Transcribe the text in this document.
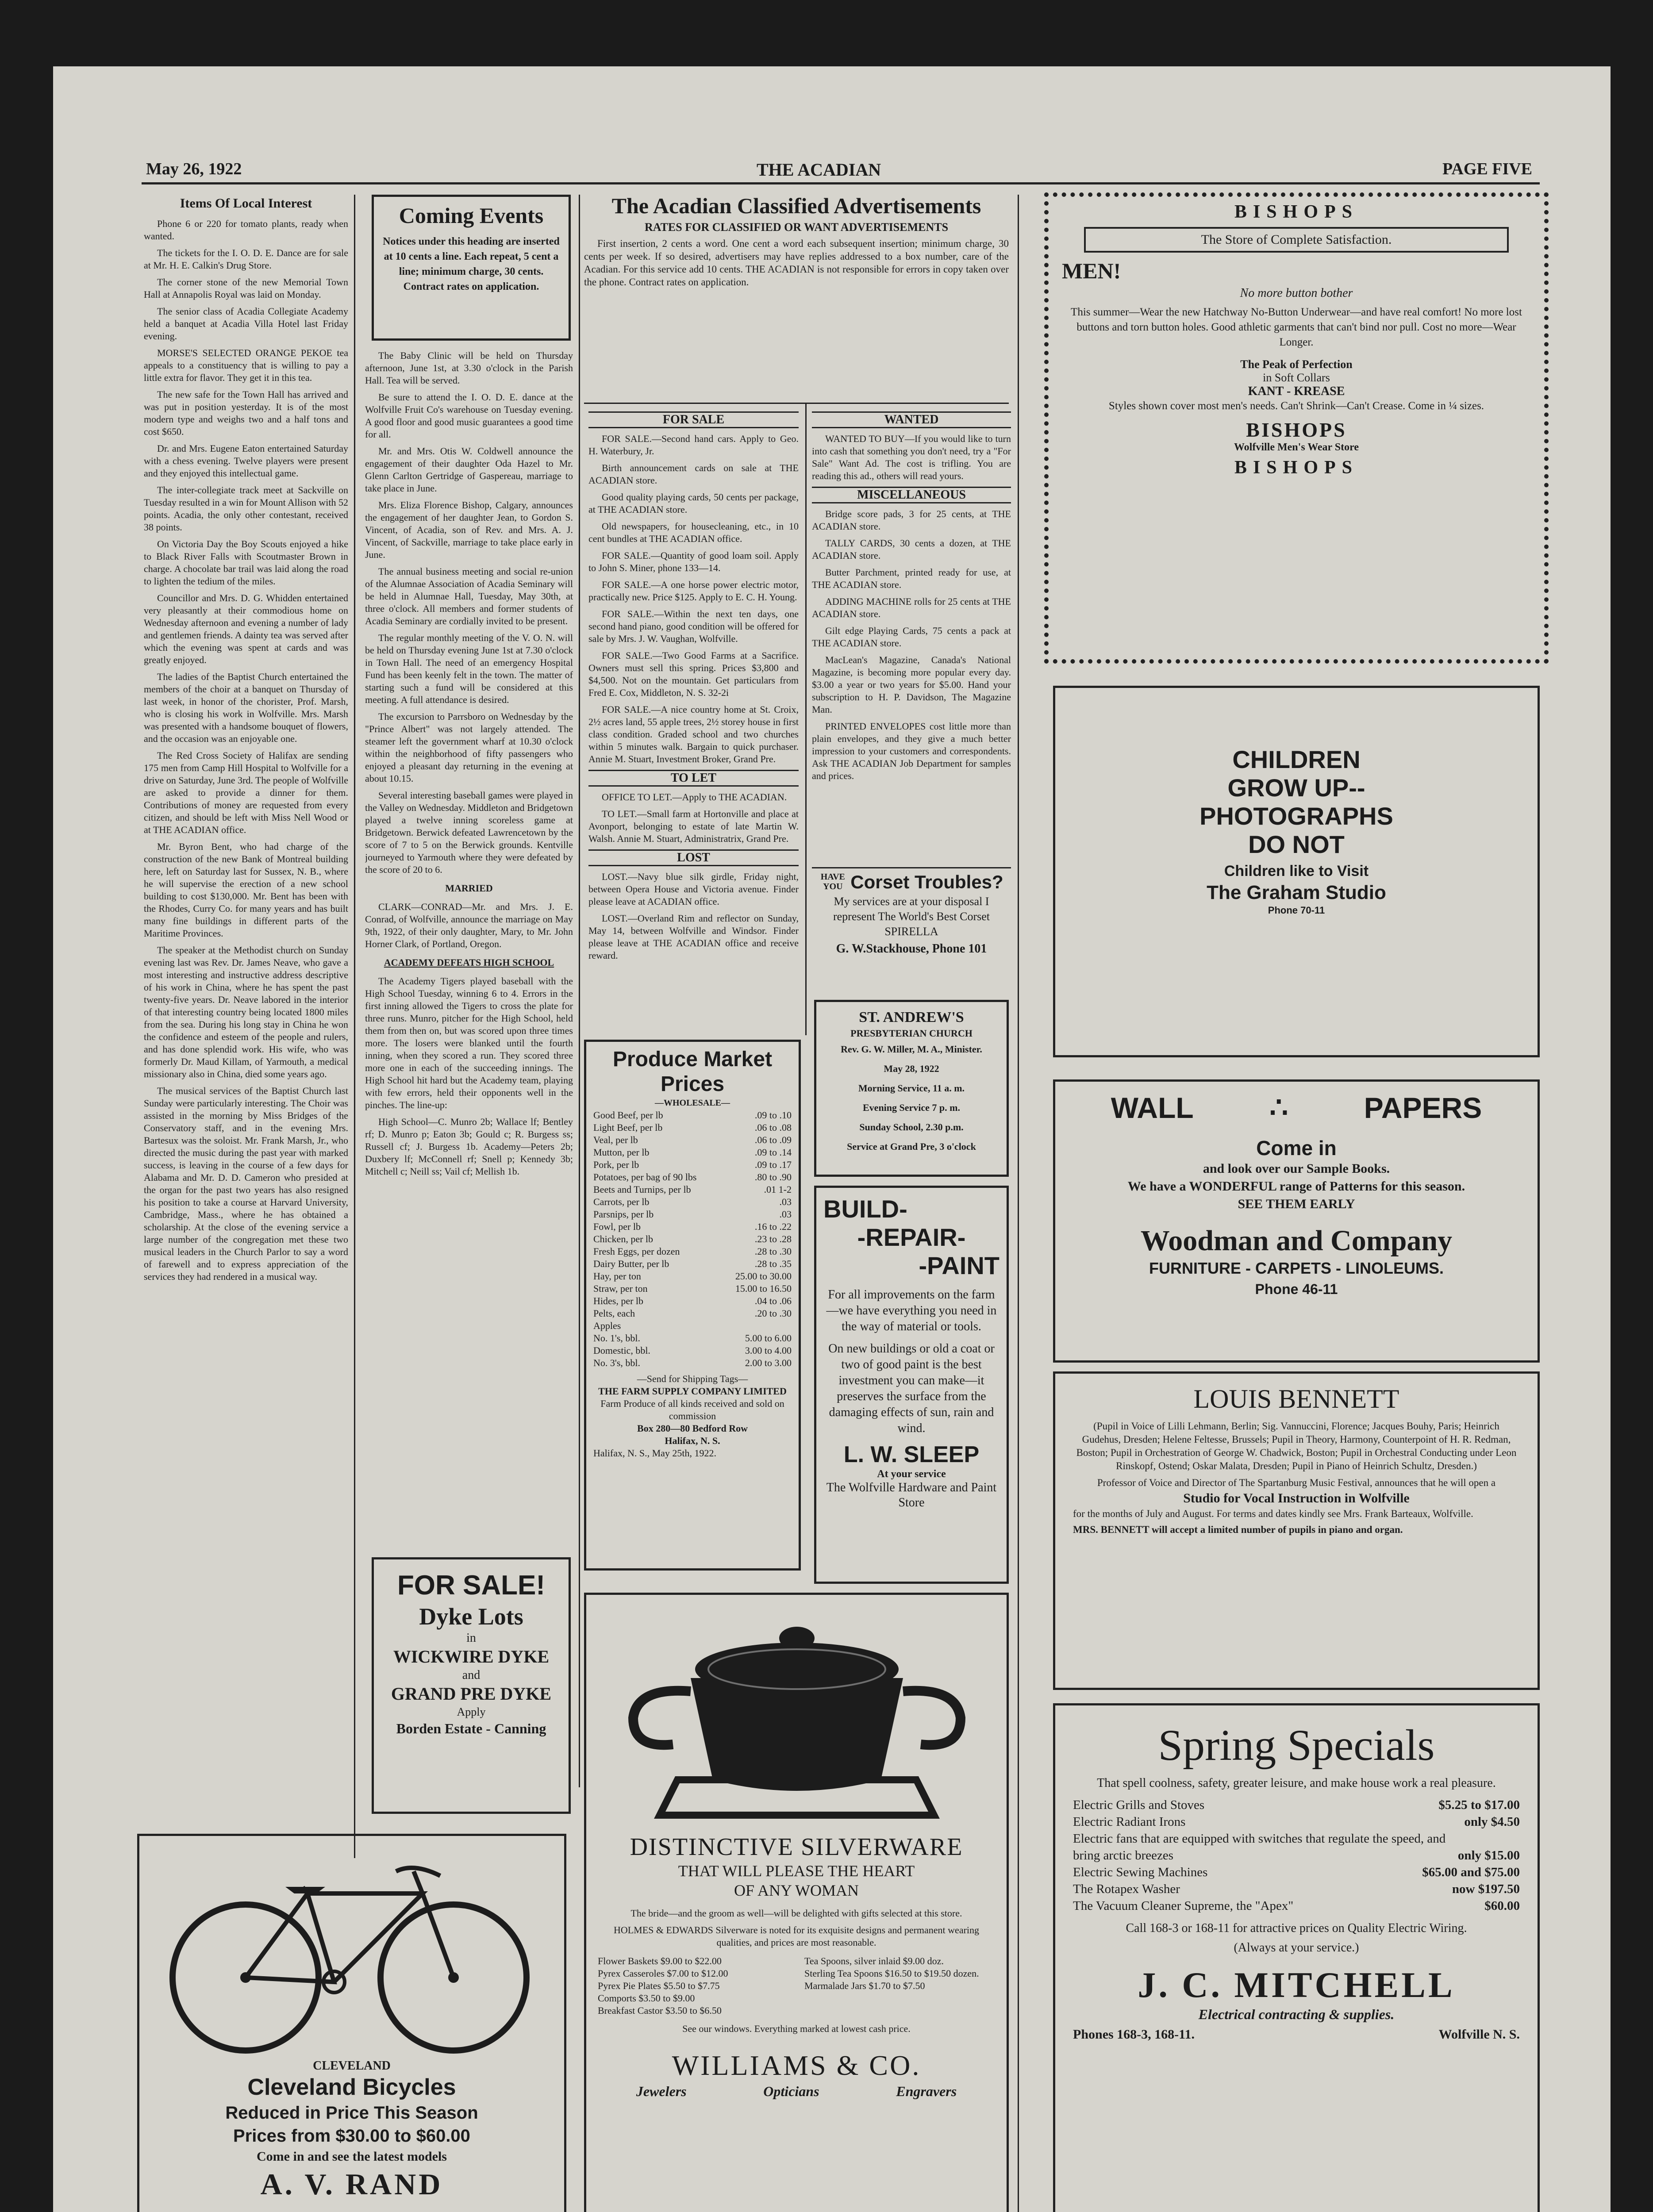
May 26, 1922	THE ACADIAN	PAGE FIVE
Items Of Local Interest

Phone 6 or 220 for tomato plants, ready when wanted.

The tickets for the I. O. D. E. Dance are for sale at Mr. H. E. Calkin's Drug Store.

The corner stone of the new Memorial Town Hall at Annapolis Royal was laid on Monday.

The senior class of Acadia Collegiate Academy held a banquet at Acadia Villa Hotel last Friday evening.

MORSE'S SELECTED ORANGE PEKOE tea appeals to a constituency that is willing to pay a little extra for flavor. They get it in this tea.

The new safe for the Town Hall has arrived and was put in position yesterday. It is of the most modern type and weighs two and a half tons and cost $650.

Dr. and Mrs. Eugene Eaton entertained Saturday with a chess evening. Twelve players were present and they enjoyed this intellectual game.

The inter-collegiate track meet at Sackville on Tuesday resulted in a win for Mount Allison with 52 points. Acadia, the only other contestant, received 38 points.

On Victoria Day the Boy Scouts enjoyed a hike to Black River Falls with Scoutmaster Brown in charge. A chocolate bar trail was laid along the road to lighten the tedium of the miles.

Councillor and Mrs. D. G. Whidden entertained very pleasantly at their commodious home on Wednesday afternoon and evening a number of lady and gentlemen friends. A dainty tea was served after which the evening was spent at cards and was greatly enjoyed.

The ladies of the Baptist Church entertained the members of the choir at a banquet on Thursday of last week, in honor of the chorister, Prof. Marsh, who is closing his work in Wolfville. Mrs. Marsh was presented with a handsome bouquet of flowers, and the occasion was an enjoyable one.

The Red Cross Society of Halifax are sending 175 men from Camp Hill Hospital to Wolfville for a drive on Saturday, June 3rd. The people of Wolfville are asked to provide a dinner for them. Contributions of money are requested from every citizen, and should be left with Miss Nell Wood or at THE ACADIAN office.

Mr. Byron Bent, who had charge of the construction of the new Bank of Montreal building here, left on Saturday last for Sussex, N. B., where he will supervise the erection of a new school building to cost $130,000. Mr. Bent has been with the Rhodes, Curry Co. for many years and has built many fine buildings in different parts of the Maritime Provinces.

The speaker at the Methodist church on Sunday evening last was Rev. Dr. James Neave, who gave a most interesting and instructive address descriptive of his work in China, where he has spent the past twenty-five years. Dr. Neave labored in the interior of that interesting country being located 1800 miles from the sea. During his long stay in China he won the confidence and esteem of the people and rulers, and has done splendid work. His wife, who was formerly Dr. Maud Killam, of Yarmouth, a medical missionary also in China, died some years ago.

The musical services of the Baptist Church last Sunday were particularly interesting. The Choir was assisted in the morning by Miss Bridges of the Conservatory staff, and in the evening Mrs. Bartesux was the soloist. Mr. Frank Marsh, Jr., who directed the music during the past year with marked success, is leaving in the course of a few days for Alabama and Mr. D. D. Cameron who presided at the organ for the past two years has also resigned his position to take a course at Harvard University, Cambridge, Mass., where he has obtained a scholarship. At the close of the evening service a large number of the congregation met these two musical leaders in the Church Parlor to say a word of farewell and to express appreciation of the services they had rendered in a musical way.

Coming Events
Notices under this heading are inserted at 10 cents a line. Each repeat, 5 cent a line; minimum charge, 30 cents. Contract rates on application.

The Baby Clinic will be held on Thursday afternoon, June 1st, at 3.30 o'clock in the Parish Hall. Tea will be served.

Be sure to attend the I. O. D. E. dance at the Wolfville Fruit Co's warehouse on Tuesday evening. A good floor and good music guarantees a good time for all.

Mr. and Mrs. Otis W. Coldwell announce the engagement of their daughter Oda Hazel to Mr. Glenn Carlton Gertridge of Gaspereau, marriage to take place in June.

Mrs. Eliza Florence Bishop, Calgary, announces the engagement of her daughter Jean, to Gordon S. Vincent, of Acadia, son of Rev. and Mrs. A. J. Vincent, of Sackville, marriage to take place early in June.

The annual business meeting and social re-union of the Alumnae Association of Acadia Seminary will be held in Alumnae Hall, Tuesday, May 30th, at three o'clock. All members and former students of Acadia Seminary are cordially invited to be present.

The regular monthly meeting of the V. O. N. will be held on Thursday evening June 1st at 7.30 o'clock in Town Hall. The need of an emergency Hospital Fund has been keenly felt in the town. The matter of starting such a fund will be considered at this meeting. A full attendance is desired.

The excursion to Parrsboro on Wednesday by the "Prince Albert" was not largely attended. The steamer left the government wharf at 10.30 o'clock within the neighborhood of fifty passengers who enjoyed a pleasant day returning in the evening at about 10.15.

Several interesting baseball games were played in the Valley on Wednesday. Middleton and Bridgetown played a twelve inning scoreless game at Bridgetown. Berwick defeated Lawrencetown by the score of 7 to 5 on the Berwick grounds. Kentville journeyed to Yarmouth where they were defeated by the score of 20 to 6.

MARRIED

CLARK—CONRAD—Mr. and Mrs. J. E. Conrad, of Wolfville, announce the marriage on May 9th, 1922, of their only daughter, Mary, to Mr. John Horner Clark, of Portland, Oregon.

ACADEMY DEFEATS HIGH SCHOOL

The Academy Tigers played baseball with the High School Tuesday, winning 6 to 4. Errors in the first inning allowed the Tigers to cross the plate for three runs. Munro, pitcher for the High School, held them from then on, but was scored upon three times more. The losers were blanked until the fourth inning, when they scored a run. They scored three more one in each of the succeeding innings. The High School hit hard but the Academy team, playing with few errors, held their opponents well in the pinches. The line-up:

High School—C. Munro 2b; Wallace lf; Bentley rf; D. Munro p; Eaton 3b; Gould c; R. Burgess ss; Russell cf; J. Burgess 1b. Academy—Peters 2b; Duxbery lf; McConnell rf; Snell p; Kennedy 3b; Mitchell c; Neill ss; Vail cf; Mellish 1b.

FOR SALE!
Dyke Lots
in
WICKWIRE DYKE
and
GRAND PRE DYKE
Apply
Borden Estate - Canning
CLEVELAND
Cleveland Bicycles
Reduced in Price This Season
Prices from $30.00 to $60.00
Come in and see the latest models
A. V. RAND
The Acadian Classified Advertisements
RATES FOR CLASSIFIED OR WANT ADVERTISEMENTS

First insertion, 2 cents a word. One cent a word each subsequent insertion; minimum charge, 30 cents per week. If so desired, advertisers may have replies addressed to a box number, care of the Acadian. For this service add 10 cents. THE ACADIAN is not responsible for errors in copy taken over the phone. Contract rates on application.

FOR SALE

FOR SALE.—Second hand cars. Apply to Geo. H. Waterbury, Jr.

Birth announcement cards on sale at THE ACADIAN store.

Good quality playing cards, 50 cents per package, at THE ACADIAN store.

Old newspapers, for housecleaning, etc., in 10 cent bundles at THE ACADIAN office.

FOR SALE.—Quantity of good loam soil. Apply to John S. Miner, phone 133—14.

FOR SALE.—A one horse power electric motor, practically new. Price $125. Apply to E. C. H. Young.

FOR SALE.—Within the next ten days, one second hand piano, good condition will be offered for sale by Mrs. J. W. Vaughan, Wolfville.

FOR SALE.—Two Good Farms at a Sacrifice. Owners must sell this spring. Prices $3,800 and $4,500. Not on the mountain. Get particulars from Fred E. Cox, Middleton, N. S. 32-2i

FOR SALE.—A nice country home at St. Croix, 2½ acres land, 55 apple trees, 2½ storey house in first class condition. Graded school and two churches within 5 minutes walk. Bargain to quick purchaser. Annie M. Stuart, Investment Broker, Grand Pre.

TO LET

OFFICE TO LET.—Apply to THE ACADIAN.

TO LET.—Small farm at Hortonville and place at Avonport, belonging to estate of late Martin W. Walsh. Annie M. Stuart, Administratrix, Grand Pre.

LOST

LOST.—Navy blue silk girdle, Friday night, between Opera House and Victoria avenue. Finder please leave at ACADIAN office.

LOST.—Overland Rim and reflector on Sunday, May 14, between Wolfville and Windsor. Finder please leave at THE ACADIAN office and receive reward.

WANTED

WANTED TO BUY—If you would like to turn into cash that something you don't need, try a "For Sale" Want Ad. The cost is trifling. You are reading this ad., others will read yours.

MISCELLANEOUS

Bridge score pads, 3 for 25 cents, at THE ACADIAN store.

TALLY CARDS, 30 cents a dozen, at THE ACADIAN store.

Butter Parchment, printed ready for use, at THE ACADIAN store.

ADDING MACHINE rolls for 25 cents at THE ACADIAN store.

Gilt edge Playing Cards, 75 cents a pack at THE ACADIAN store.

MacLean's Magazine, Canada's National Magazine, is becoming more popular every day. $3.00 a year or two years for $5.00. Hand your subscription to H. P. Davidson, The Magazine Man.

PRINTED ENVELOPES cost little more than plain envelopes, and they give a much better impression to your customers and correspondents. Ask THE ACADIAN Job Department for samples and prices.

HAVE YOU Corset Troubles?
My services are at your disposal I represent The World's Best Corset SPIRELLA
G. W.Stackhouse, Phone 101
ST. ANDREW'S
PRESBYTERIAN CHURCH
Rev. G. W. Miller, M. A., Minister.
May 28, 1922
Morning Service, 11 a. m.
Evening Service 7 p. m.
Sunday School, 2.30 p.m.
Service at Grand Pre, 3 o'clock
Produce Market Prices
—WHOLESALE—
Good Beef, per lb	.09 to .10
Light Beef, per lb	.06 to .08
Veal, per lb	.06 to .09
Mutton, per lb	.09 to .14
Pork, per lb	.09 to .17
Potatoes, per bag of 90 lbs	.80 to .90
Beets and Turnips, per lb	.01 1-2
Carrots, per lb	.03
Parsnips, per lb	.03
Fowl, per lb	.16 to .22
Chicken, per lb	.23 to .28
Fresh Eggs, per dozen	.28 to .30
Dairy Butter, per lb	.28 to .35
Hay, per ton	25.00 to 30.00
Straw, per ton	15.00 to 16.50
Hides, per lb	.04 to .06
Pelts, each	.20 to .30
Apples
No. 1's, bbl.	5.00 to 6.00
Domestic, bbl.	3.00 to 4.00
No. 3's, bbl.	2.00 to 3.00
—Send for Shipping Tags—
THE FARM SUPPLY COMPANY LIMITED
Farm Produce of all kinds received and sold on commission
Box 280—80 Bedford Row
Halifax, N. S.
Halifax, N. S., May 25th, 1922.
BUILD-
-REPAIR-
-PAINT
For all improvements on the farm—we have everything you need in the way of material or tools.
On new buildings or old a coat or two of good paint is the best investment you can make—it preserves the surface from the damaging effects of sun, rain and wind.
L. W. SLEEP
At your service
The Wolfville Hardware and Paint Store
DISTINCTIVE SILVERWARE
THAT WILL PLEASE THE HEART
OF ANY WOMAN
The bride—and the groom as well—will be delighted with gifts selected at this store.
HOLMES & EDWARDS Silverware is noted for its exquisite designs and permanent wearing qualities, and prices are most reasonable.
Flower Baskets $9.00 to $22.00
Pyrex Casseroles $7.00 to $12.00
Pyrex Pie Plates $5.50 to $7.75
Comports $3.50 to $9.00
Breakfast Castor $3.50 to $6.50
Tea Spoons, silver inlaid $9.00 doz.
Sterling Tea Spoons $16.50 to $19.50 dozen.
Marmalade Jars $1.70 to $7.50
See our windows. Everything marked at lowest cash price.
WILLIAMS & CO.
Jewelers	Opticians	Engravers
BISHOPS
The Store of Complete Satisfaction.
MEN!
No more button bother
This summer—Wear the new Hatchway No-Button Underwear—and have real comfort! No more lost buttons and torn button holes. Good athletic garments that can't bind nor pull. Cost no more—Wear Longer.
The Peak of Perfection
in Soft Collars
KANT - KREASE
Styles shown cover most men's needs. Can't Shrink—Can't Crease. Come in ¼ sizes.
BISHOPS
Wolfville Men's Wear Store
BISHOPS
CHILDREN
GROW UP--
PHOTOGRAPHS
DO NOT
Children like to Visit
The Graham Studio
Phone 70-11
WALL	∴	PAPERS
Come in
and look over our Sample Books.
We have a WONDERFUL range of Patterns for this season.
SEE THEM EARLY
Woodman and Company
FURNITURE - CARPETS - LINOLEUMS.
Phone 46-11
LOUIS BENNETT
(Pupil in Voice of Lilli Lehmann, Berlin; Sig. Vannuccini, Florence; Jacques Bouhy, Paris; Heinrich Gudehus, Dresden; Helene Feltesse, Brussels; Pupil in Theory, Harmony, Counterpoint of H. R. Redman, Boston; Pupil in Orchestration of George W. Chadwick, Boston; Pupil in Orchestral Conducting under Leon Rinskopf, Ostend; Oskar Malata, Dresden; Pupil in Piano of Heinrich Schultz, Dresden.)
Professor of Voice and Director of The Spartanburg Music Festival, announces that he will open a
Studio for Vocal Instruction in Wolfville
for the months of July and August. For terms and dates kindly see Mrs. Frank Barteaux, Wolfville.
MRS. BENNETT will accept a limited number of pupils in piano and organ.
Spring Specials
That spell coolness, safety, greater leisure, and make house work a real pleasure.
Electric Grills and Stoves	$5.25 to $17.00
Electric Radiant Irons	only $4.50
Electric fans that are equipped with switches that regulate the speed, and bring arctic breezes	only $15.00
Electric Sewing Machines	$65.00 and $75.00
The Rotapex Washer	now $197.50
The Vacuum Cleaner Supreme, the "Apex"	$60.00
Call 168-3 or 168-11 for attractive prices on Quality Electric Wiring.
(Always at your service.)
J. C. MITCHELL
Electrical contracting & supplies.
Phones 168-3, 168-11.	Wolfville N. S.
